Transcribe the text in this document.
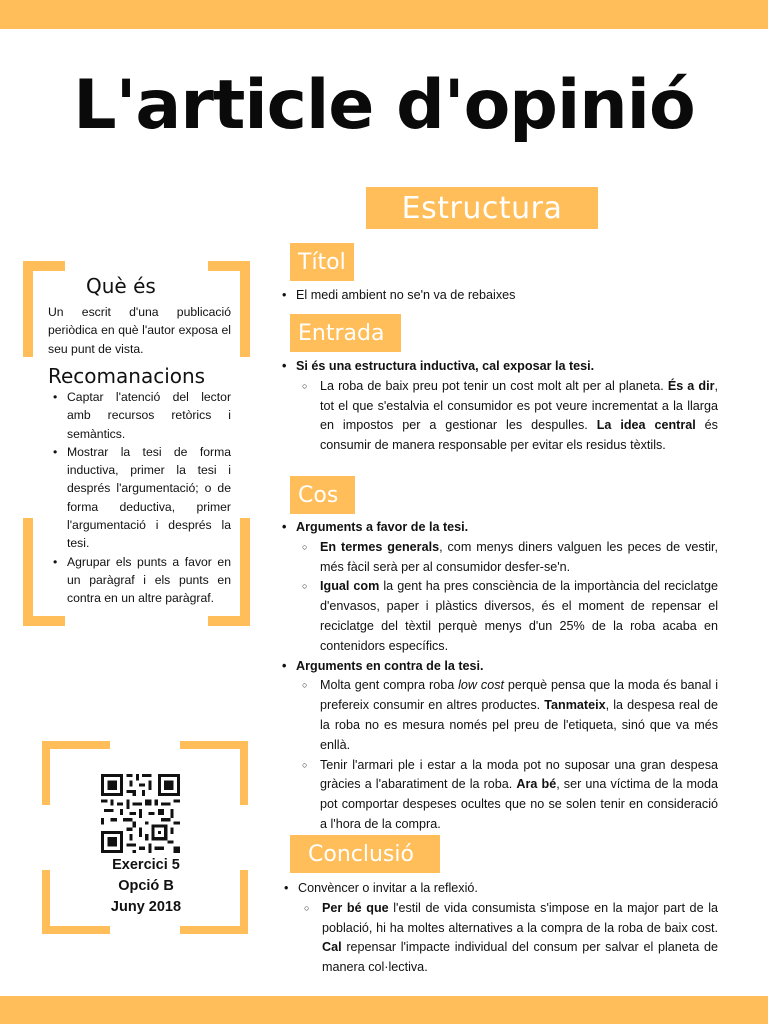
L'article d'opinió
Estructura
Què és

Un escrit d'una publicació periòdica en què l'autor exposa el seu punt de vista.

Recomanacions
• Captar l'atenció del lector amb recursos retòrics i semàntics.
• Mostrar la tesi de forma inductiva, primer la tesi i després l'argumentació; o de forma deductiva, primer l'argumentació i després la tesi.
• Agrupar els punts a favor en un paràgraf i els punts en contra en un altre paràgraf.
Exercici 5
Opció B
Juny 2018
Títol
• El medi ambient no se'n va de rebaixes
Entrada
• Si és una estructura inductiva, cal exposar la tesi.
○ La roba de baix preu pot tenir un cost molt alt per al planeta. És a dir, tot el que s'estalvia el consumidor es pot veure incrementat a la llarga en impostos per a gestionar les despulles. La idea central és consumir de manera responsable per evitar els residus tèxtils.
Cos
• Arguments a favor de la tesi.
○ En termes generals, com menys diners valguen les peces de vestir, més fàcil serà per al consumidor desfer-se'n.
○ Igual com la gent ha pres consciència de la importància del reciclatge d'envasos, paper i plàstics diversos, és el moment de repensar el reciclatge del tèxtil perquè menys d'un 25% de la roba acaba en contenidors específics.
• Arguments en contra de la tesi.
○ Molta gent compra roba low cost perquè pensa que la moda és banal i prefereix consumir en altres productes. Tanmateix, la despesa real de la roba no es mesura només pel preu de l'etiqueta, sinó que va més enllà.
○ Tenir l'armari ple i estar a la moda pot no suposar una gran despesa gràcies a l'abaratiment de la roba. Ara bé, ser una víctima de la moda pot comportar despeses ocultes que no se solen tenir en consideració a l'hora de la compra.
Conclusió
• Convèncer o invitar a la reflexió.
○ Per bé que l'estil de vida consumista s'impose en la major part de la població, hi ha moltes alternatives a la compra de la roba de baix cost. Cal repensar l'impacte individual del consum per salvar el planeta de manera col·lectiva.
